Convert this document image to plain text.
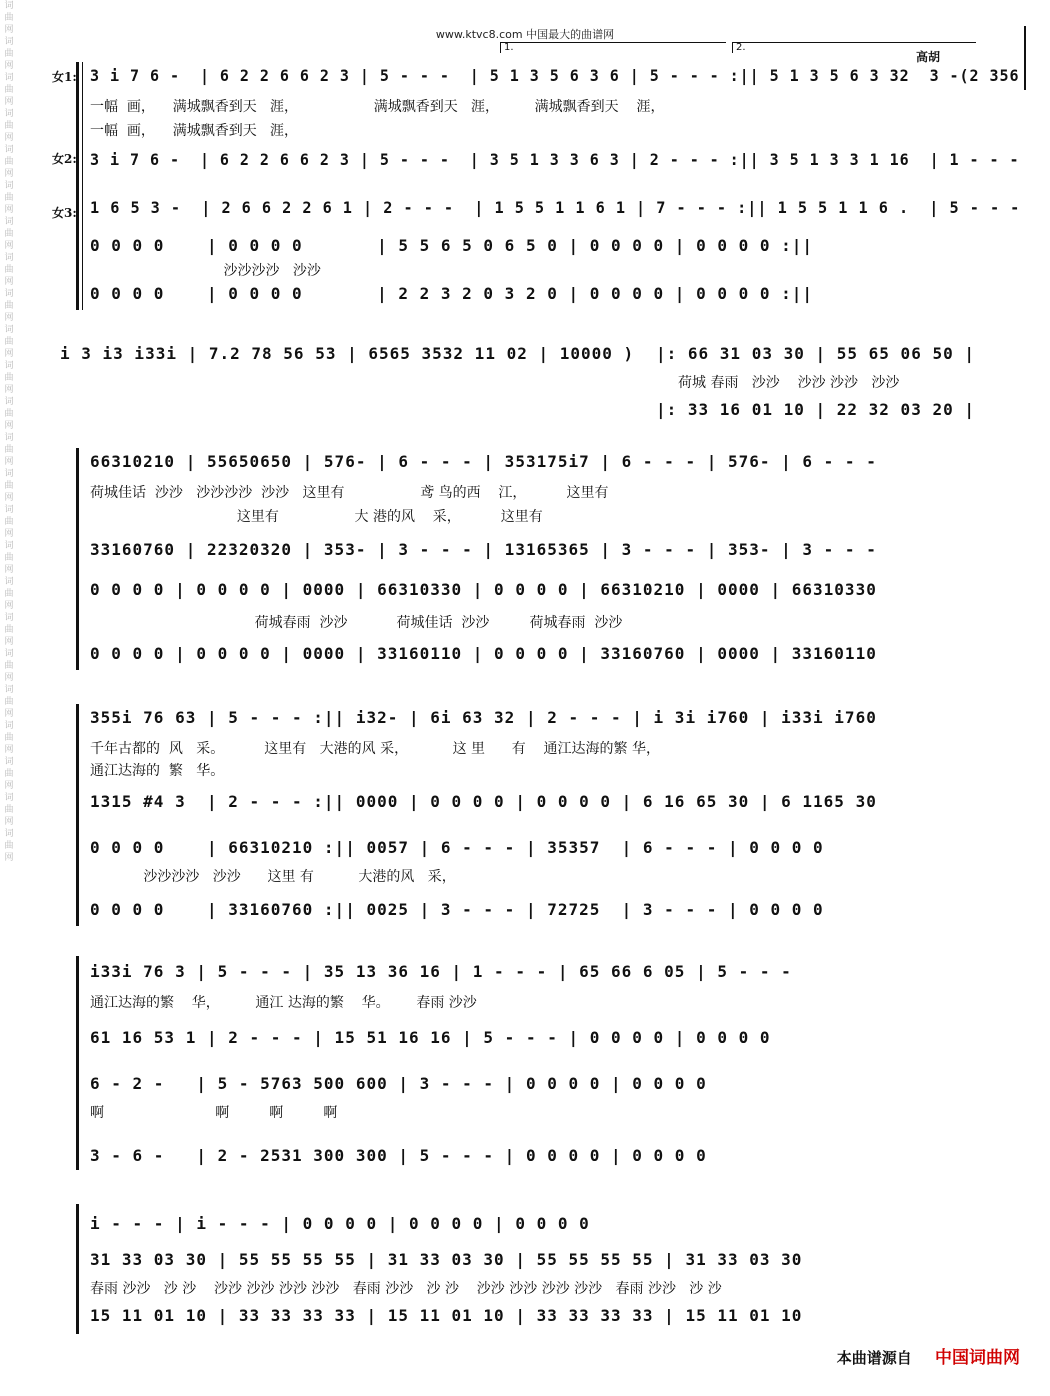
词曲网 词曲网 词曲网 词曲网 词曲网 词曲网 词曲网 词曲网 词曲网 词曲网 词曲网 词曲网 词曲网 词曲网 词曲网 词曲网 词曲网 词曲网 词曲网 词曲网 词曲网 词曲网 词曲网 词曲网
www.ktvc8.com 中国最大的曲谱网
1.	2.
高胡
女1:
女2:
女3:
3 i 7 6 -  | 6 2 2 6 6 2 3 | 5 - - -  | 5 1 3 5 6 3 6 | 5 - - - :|| 5 1 3 5 6 3 32  3 -(2 356
一幅  画，    满城飘香到天   涯，                 满城飘香到天   涯，        满城飘香到天    涯，
一幅  画，    满城飘香到天   涯，
3 i 7 6 -  | 6 2 2 6 6 2 3 | 5 - - -  | 3 5 1 3 3 6 3 | 2 - - - :|| 3 5 1 3 3 1 16  | 1 - - -
1 6 5 3 -  | 2 6 6 2 2 6 1 | 2 - - -  | 1 5 5 1 1 6 1 | 7 - - - :|| 1 5 5 1 1 6 .  | 5 - - -
0 0 0 0    | 0 0 0 0       | 5 5 6 5 0 6 5 0 | 0 0 0 0 | 0 0 0 0 :||
沙沙沙沙   沙沙
0 0 0 0    | 0 0 0 0       | 2 2 3 2 0 3 2 0 | 0 0 0 0 | 0 0 0 0 :||
i 3 i3 i33i | 7.2 78 56 53 | 6565 3532 11 02 | 10000 ) |: 66 31 03 30 | 55 65 06 50 |
荷城 春雨   沙沙    沙沙 沙沙   沙沙
|: 33 16 01 10 | 22 32 03 20 |
66310210 | 55650650 | 576- | 6 - - - | 353175i7 | 6 - - - | 576- | 6 - - -
荷城佳话  沙沙   沙沙沙沙  沙沙   这里有                 鸢 鸟的西    江，         这里有
这里有                 大 港的风    采，         这里有
33160760 | 22320320 | 353- | 3 - - - | 13165365 | 3 - - - | 353- | 3 - - -
0 0 0 0 | 0 0 0 0 | 0000 | 66310330 | 0 0 0 0 | 66310210 | 0000 | 66310330
荷城春雨  沙沙           荷城佳话  沙沙         荷城春雨  沙沙
0 0 0 0 | 0 0 0 0 | 0000 | 33160110 | 0 0 0 0 | 33160760 | 0000 | 33160110
355i 76 63 | 5 - - - :|| i32- | 6i 63 32 | 2 - - - | i 3i i760 | i33i i760
千年古都的  风   采。         这里有   大港的风 采，          这 里      有    通江达海的繁 华，
通江达海的  繁   华。
1315 #4 3  | 2 - - - :|| 0000 | 0 0 0 0 | 0 0 0 0 | 6 16 65 30 | 6 1165 30
0 0 0 0    | 66310210 :|| 0057 | 6 - - - | 35357  | 6 - - - | 0 0 0 0
沙沙沙沙   沙沙      这里 有          大港的风   采，
0 0 0 0    | 33160760 :|| 0025 | 3 - - - | 72725  | 3 - - - | 0 0 0 0
i33i 76 3 | 5 - - - | 35 13 36 16 | 1 - - - | 65 66 6 05 | 5 - - -
通江达海的繁    华，        通江 达海的繁    华。      春雨 沙沙
61 16 53 1 | 2 - - - | 15 51 16 16 | 5 - - - | 0 0 0 0 | 0 0 0 0
6 - 2 -   | 5 - 5763 500 600 | 3 - - - | 0 0 0 0 | 0 0 0 0
啊                         啊         啊         啊
3 - 6 -   | 2 - 2531 300 300 | 5 - - - | 0 0 0 0 | 0 0 0 0
i - - - | i - - - | 0 0 0 0 | 0 0 0 0 | 0 0 0 0
31 33 03 30 | 55 55 55 55 | 31 33 03 30 | 55 55 55 55 | 31 33 03 30
春雨 沙沙   沙 沙    沙沙 沙沙 沙沙 沙沙   春雨 沙沙   沙 沙    沙沙 沙沙 沙沙 沙沙   春雨 沙沙   沙 沙
15 11 01 10 | 33 33 33 33 | 15 11 01 10 | 33 33 33 33 | 15 11 01 10
本曲谱源自 中国词曲网
